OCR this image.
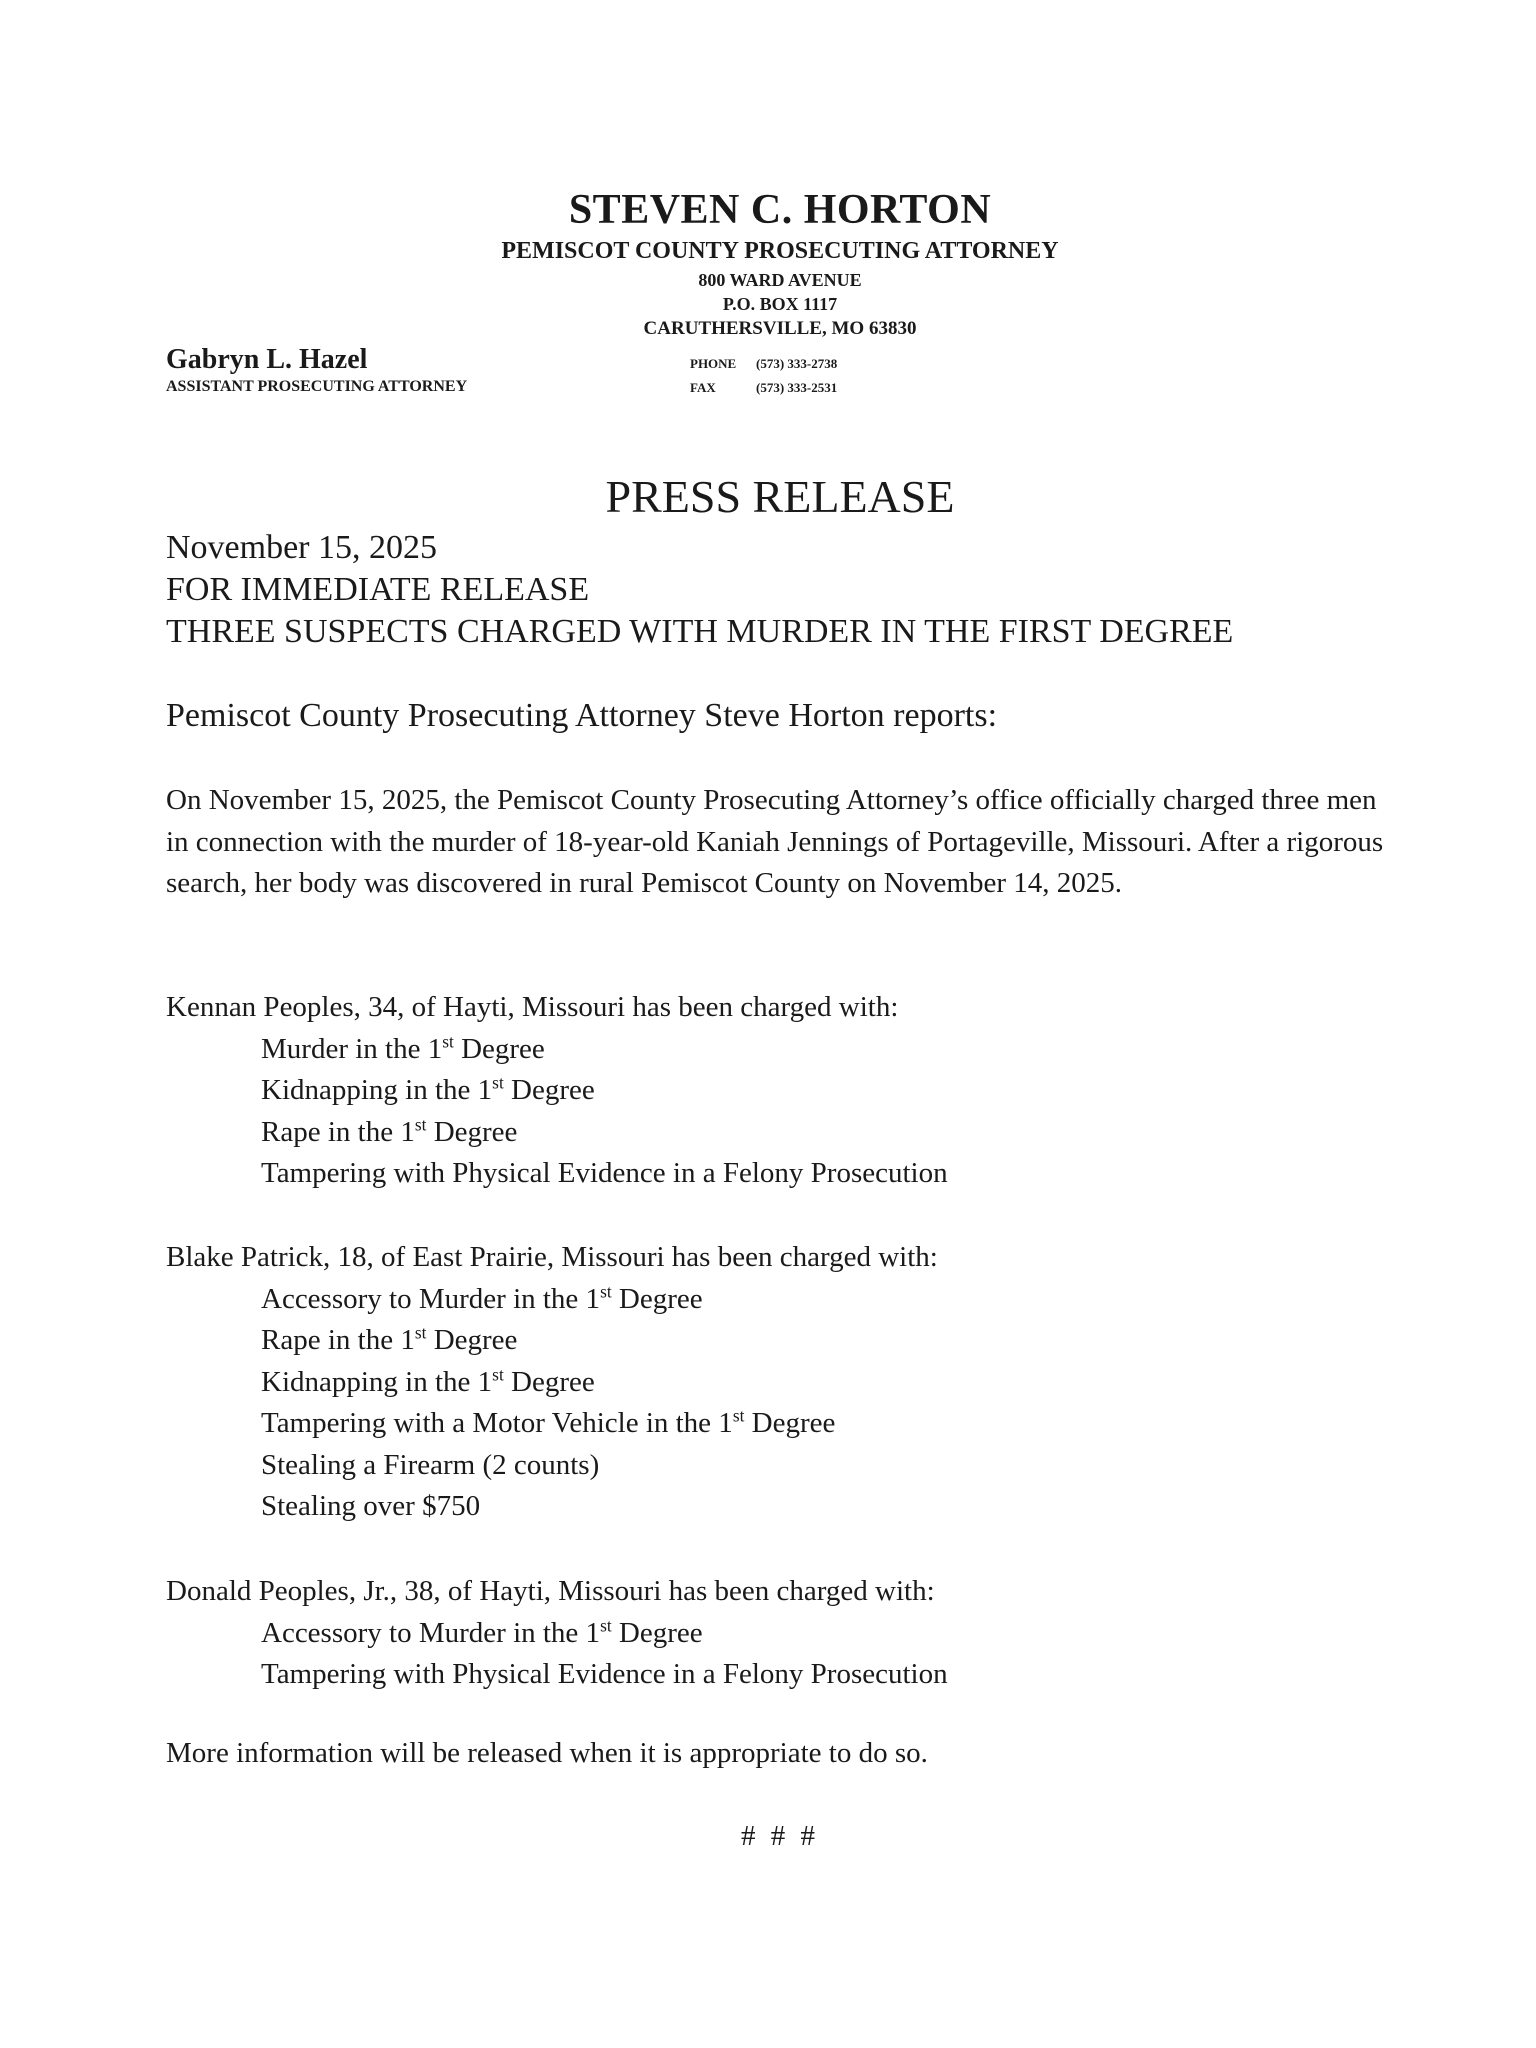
STEVEN C. HORTON
PEMISCOT COUNTY PROSECUTING ATTORNEY
800 WARD AVENUE
P.O. BOX 1117
CARUTHERSVILLE, MO 63830
Gabryn L. Hazel
ASSISTANT PROSECUTING ATTORNEY
PHONE (573) 333-2738
FAX	(573) 333-2531
PRESS RELEASE
November 15, 2025
FOR IMMEDIATE RELEASE
THREE SUSPECTS CHARGED WITH MURDER IN THE FIRST DEGREE
Pemiscot County Prosecuting Attorney Steve Horton reports:
On November 15, 2025, the Pemiscot County Prosecuting Attorney’s office officially charged three men in connection with the murder of 18-year-old Kaniah Jennings of Portageville, Missouri. After a rigorous search, her body was discovered in rural Pemiscot County on November 14, 2025.
Kennan Peoples, 34, of Hayti, Missouri has been charged with:
Murder in the 1st Degree
Kidnapping in the 1st Degree
Rape in the 1st Degree
Tampering with Physical Evidence in a Felony Prosecution
Blake Patrick, 18, of East Prairie, Missouri has been charged with:
Accessory to Murder in the 1st Degree
Rape in the 1st Degree
Kidnapping in the 1st Degree
Tampering with a Motor Vehicle in the 1st Degree
Stealing a Firearm (2 counts)
Stealing over $750
Donald Peoples, Jr., 38, of Hayti, Missouri has been charged with:
Accessory to Murder in the 1st Degree
Tampering with Physical Evidence in a Felony Prosecution
More information will be released when it is appropriate to do so.
# # #
